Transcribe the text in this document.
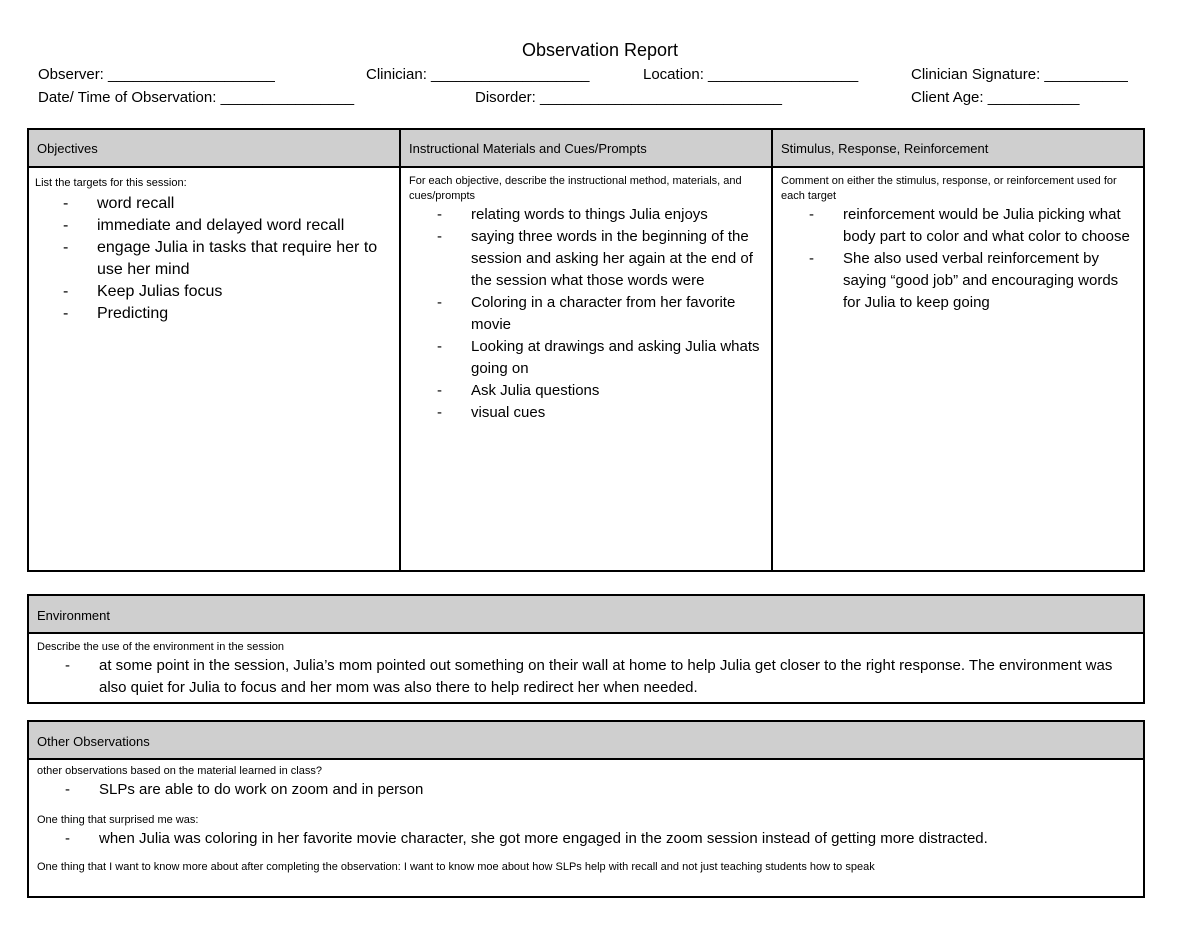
Observation Report
Observer: ____________________	Clinician: ___________________	Location: __________________	Clinician Signature: __________
Date/ Time of Observation: ________________	Disorder: _____________________________	Client Age: ___________
Objectives
List the targets for this session:
- word recall
- immediate and delayed word recall
- engage Julia in tasks that require her to use her mind
- Keep Julias focus
- Predicting
Instructional Materials and Cues/Prompts
For each objective, describe the instructional method, materials, and cues/prompts
- relating words to things Julia enjoys
- saying three words in the beginning of the session and asking her again at the end of the session what those words were
- Coloring in a character from her favorite movie
- Looking at drawings and asking Julia whats going on
- Ask Julia questions
- visual cues
Stimulus, Response, Reinforcement
Comment on either the stimulus, response, or reinforcement used for each target
- reinforcement would be Julia picking what body part to color and what color to choose
- She also used verbal reinforcement by saying “good job” and encouraging words for Julia to keep going
Environment
Describe the use of the environment in the session
- at some point in the session, Julia’s mom pointed out something on their wall at home to help Julia get closer to the right response. The environment was also quiet for Julia to focus and her mom was also there to help redirect her when needed.
Other Observations
other observations based on the material learned in class?
- SLPs are able to do work on zoom and in person
One thing that surprised me was:
- when Julia was coloring in her favorite movie character, she got more engaged in the zoom session instead of getting more distracted.
One thing that I want to know more about after completing the observation: I want to know moe about how SLPs help with recall and not just teaching students how to speak
